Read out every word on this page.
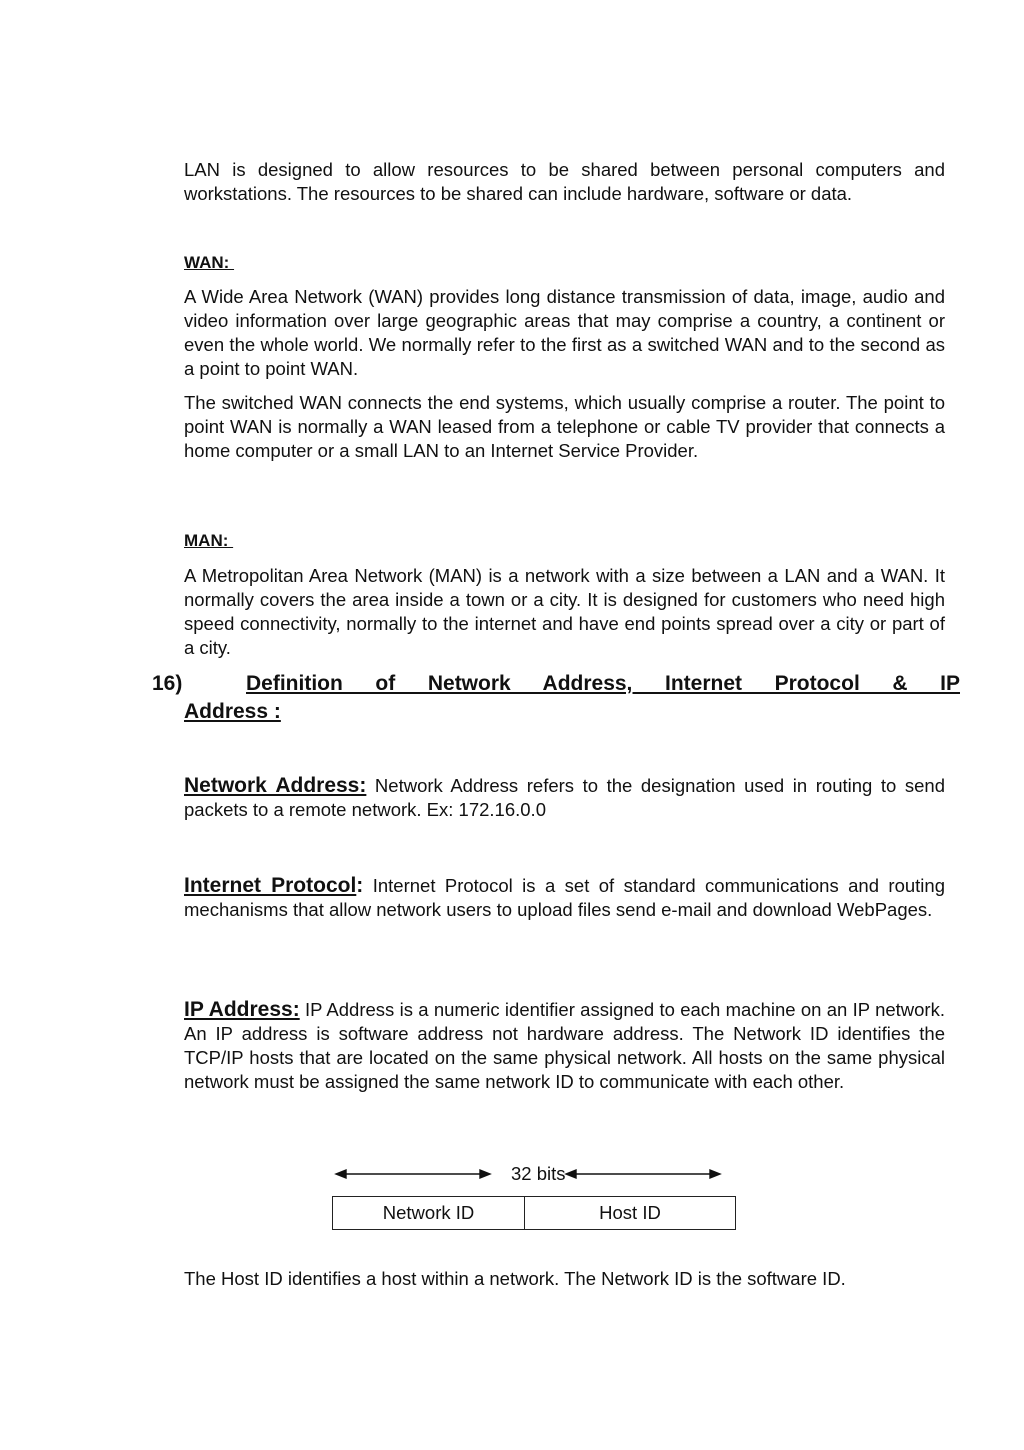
LAN is designed to allow resources to be shared between personal computers and workstations. The resources to be shared can include hardware, software or data.

WAN:

A Wide Area Network (WAN) provides long distance transmission of data, image, audio and video information over large geographic areas that may comprise a country, a continent or even the whole world. We normally refer to the first as a switched WAN and to the second as a point to point WAN.

The switched WAN connects the end systems, which usually comprise a router. The point to point WAN is normally a WAN leased from a telephone or cable TV provider that connects a home computer or a small LAN to an Internet Service Provider.

MAN:

A Metropolitan Area Network (MAN) is a network with a size between a LAN and a WAN. It normally covers the area inside a town or a city. It is designed for customers who need high speed connectivity, normally to the internet and have end points spread over a city or part of a city.

16)	Definition of Network Address, Internet Protocol & IP

Address :

Network Address: Network Address refers to the designation used in routing to send packets to a remote network. Ex: 172.16.0.0

Internet Protocol: Internet Protocol is a set of standard communications and routing mechanisms that allow network users to upload files send e-mail and download WebPages.

IP Address: IP Address is a numeric identifier assigned to each machine on an IP network. An IP address is software address not hardware address. The Network ID identifies the TCP/IP hosts that are located on the same physical network. All hosts on the same physical network must be assigned the same network ID to communicate with each other.

32 bits

Network ID	Host ID

The Host ID identifies a host within a network. The Network ID is the software ID.
